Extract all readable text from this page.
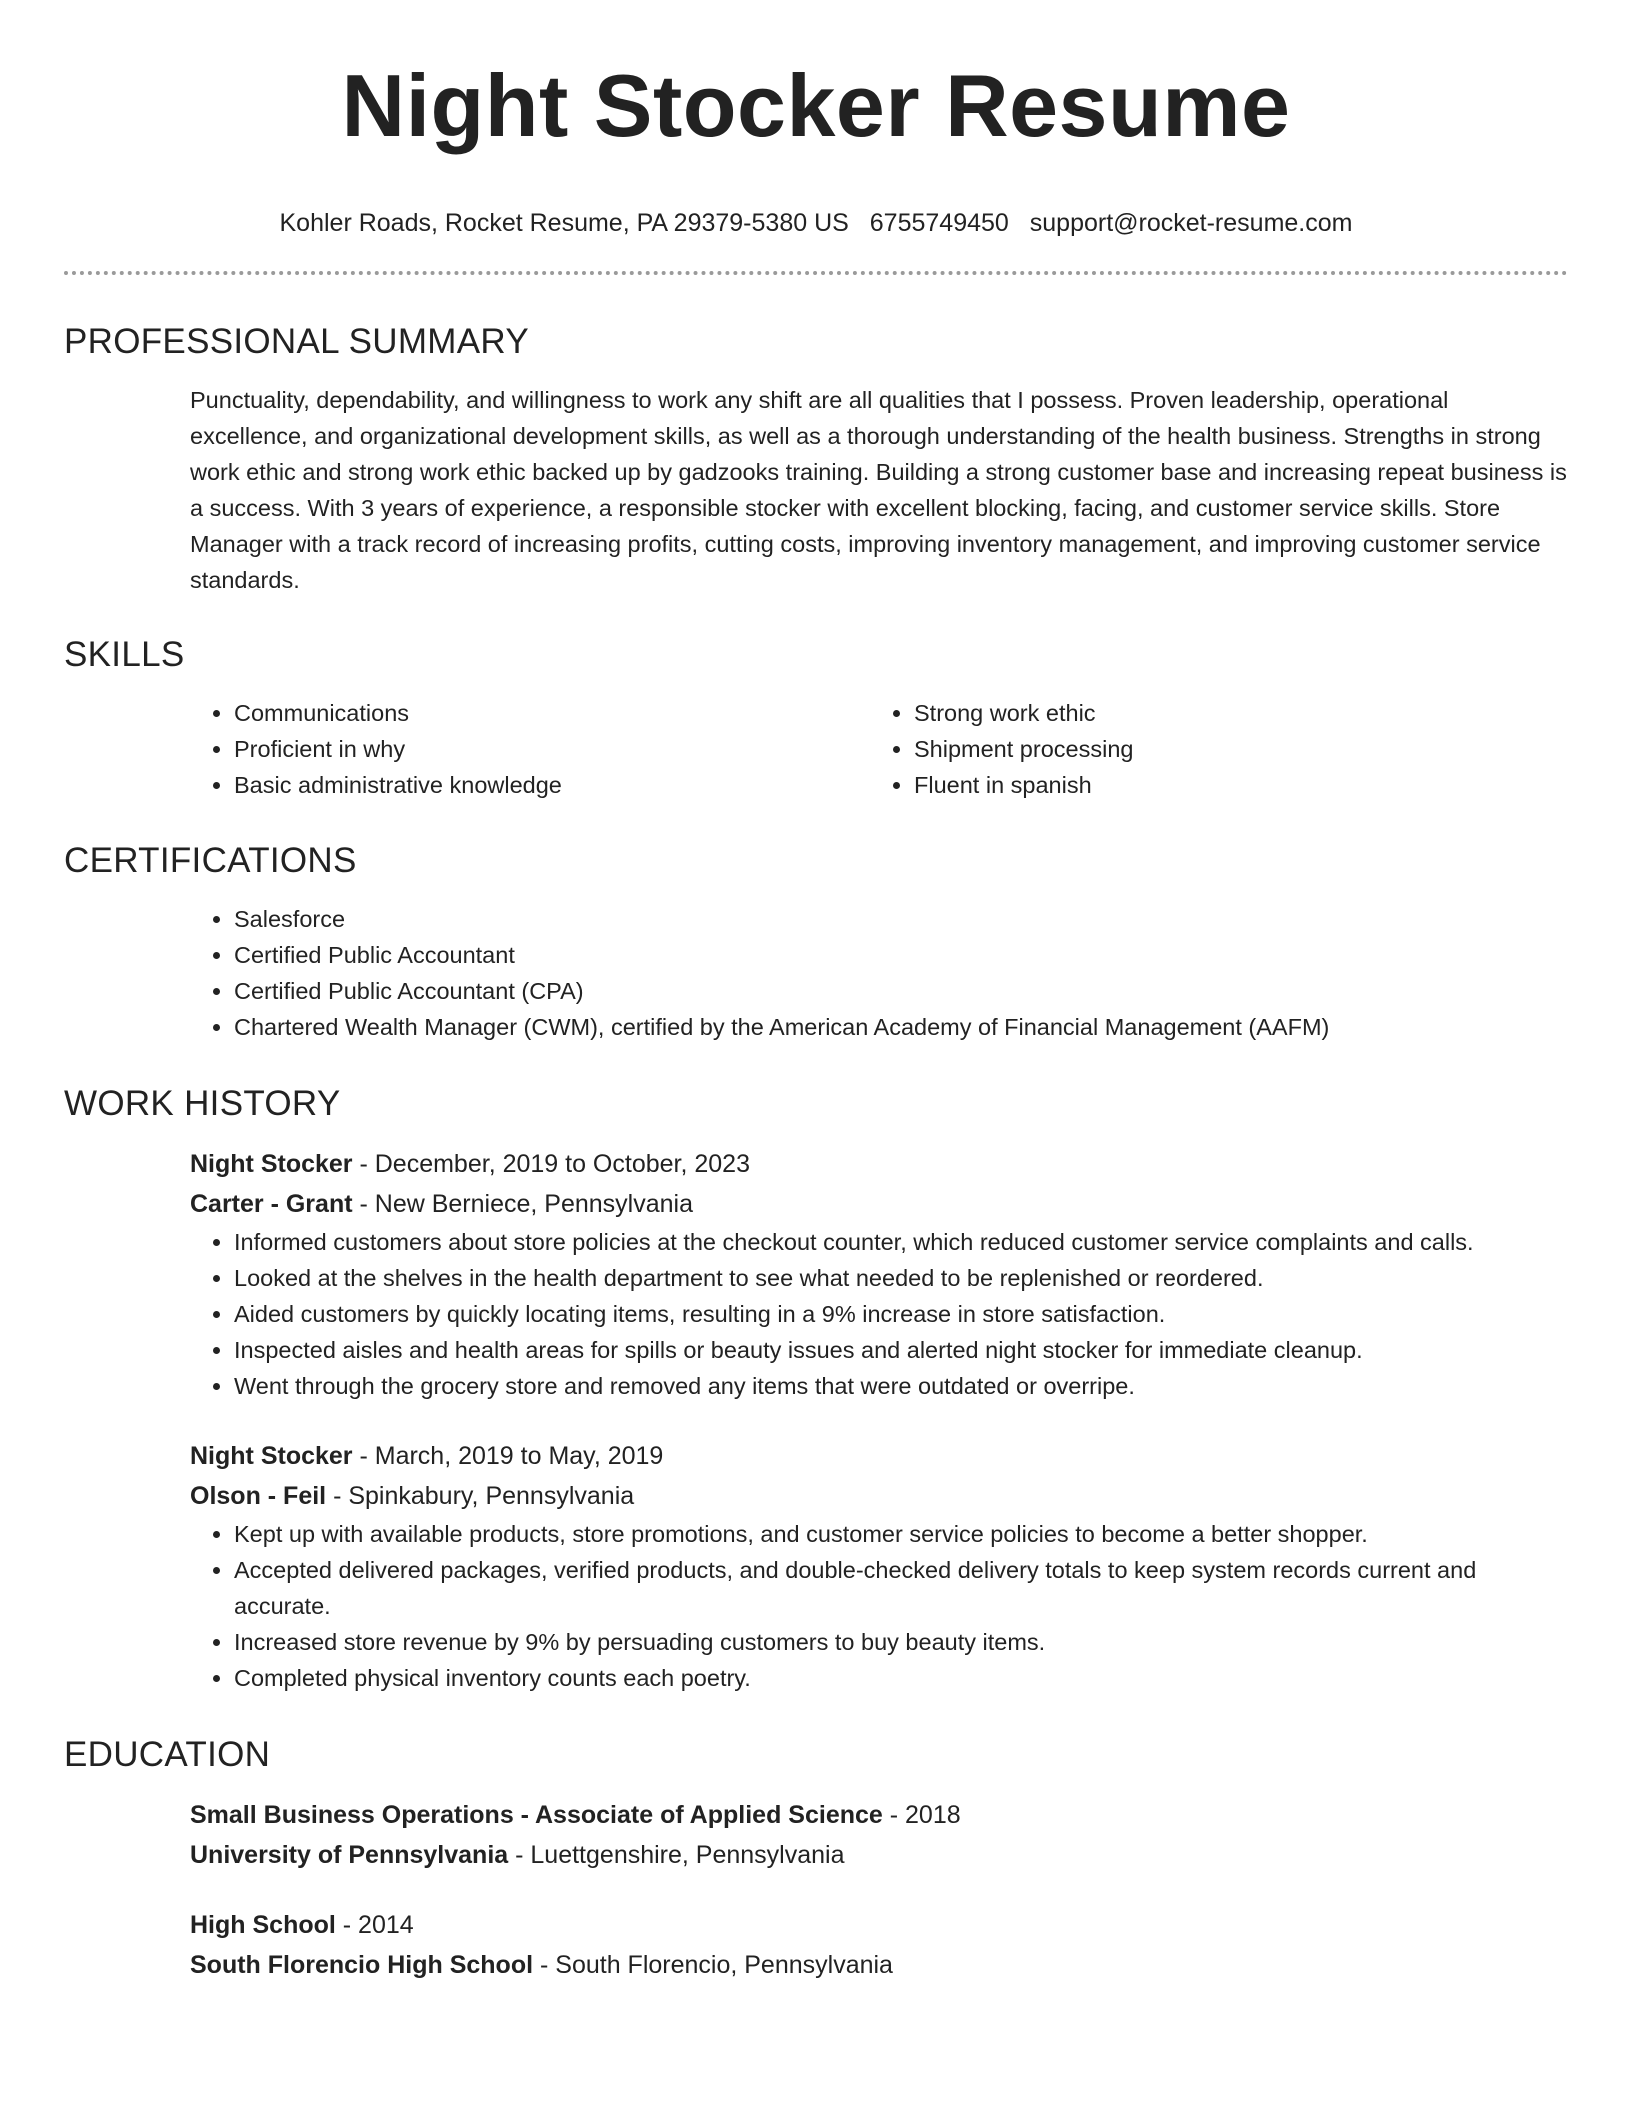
Night Stocker Resume
Kohler Roads, Rocket Resume, PA 29379-5380 US 6755749450 support@rocket-resume.com
PROFESSIONAL SUMMARY
Punctuality, dependability, and willingness to work any shift are all qualities that I possess. Proven leadership, operational excellence, and organizational development skills, as well as a thorough understanding of the health business. Strengths in strong work ethic and strong work ethic backed up by gadzooks training. Building a strong customer base and increasing repeat business is a success. With 3 years of experience, a responsible stocker with excellent blocking, facing, and customer service skills. Store Manager with a track record of increasing profits, cutting costs, improving inventory management, and improving customer service standards.
SKILLS
• Communications
• Proficient in why
• Basic administrative knowledge
• Strong work ethic
• Shipment processing
• Fluent in spanish
CERTIFICATIONS
• Salesforce
• Certified Public Accountant
• Certified Public Accountant (CPA)
• Chartered Wealth Manager (CWM), certified by the American Academy of Financial Management (AAFM)
WORK HISTORY
Night Stocker - December, 2019 to October, 2023
Carter - Grant - New Berniece, Pennsylvania
• Informed customers about store policies at the checkout counter, which reduced customer service complaints and calls.
• Looked at the shelves in the health department to see what needed to be replenished or reordered.
• Aided customers by quickly locating items, resulting in a 9% increase in store satisfaction.
• Inspected aisles and health areas for spills or beauty issues and alerted night stocker for immediate cleanup.
• Went through the grocery store and removed any items that were outdated or overripe.
Night Stocker - March, 2019 to May, 2019
Olson - Feil - Spinkabury, Pennsylvania
• Kept up with available products, store promotions, and customer service policies to become a better shopper.
• Accepted delivered packages, verified products, and double-checked delivery totals to keep system records current and accurate.
• Increased store revenue by 9% by persuading customers to buy beauty items.
• Completed physical inventory counts each poetry.
EDUCATION
Small Business Operations - Associate of Applied Science - 2018
University of Pennsylvania - Luettgenshire, Pennsylvania
High School - 2014
South Florencio High School - South Florencio, Pennsylvania
